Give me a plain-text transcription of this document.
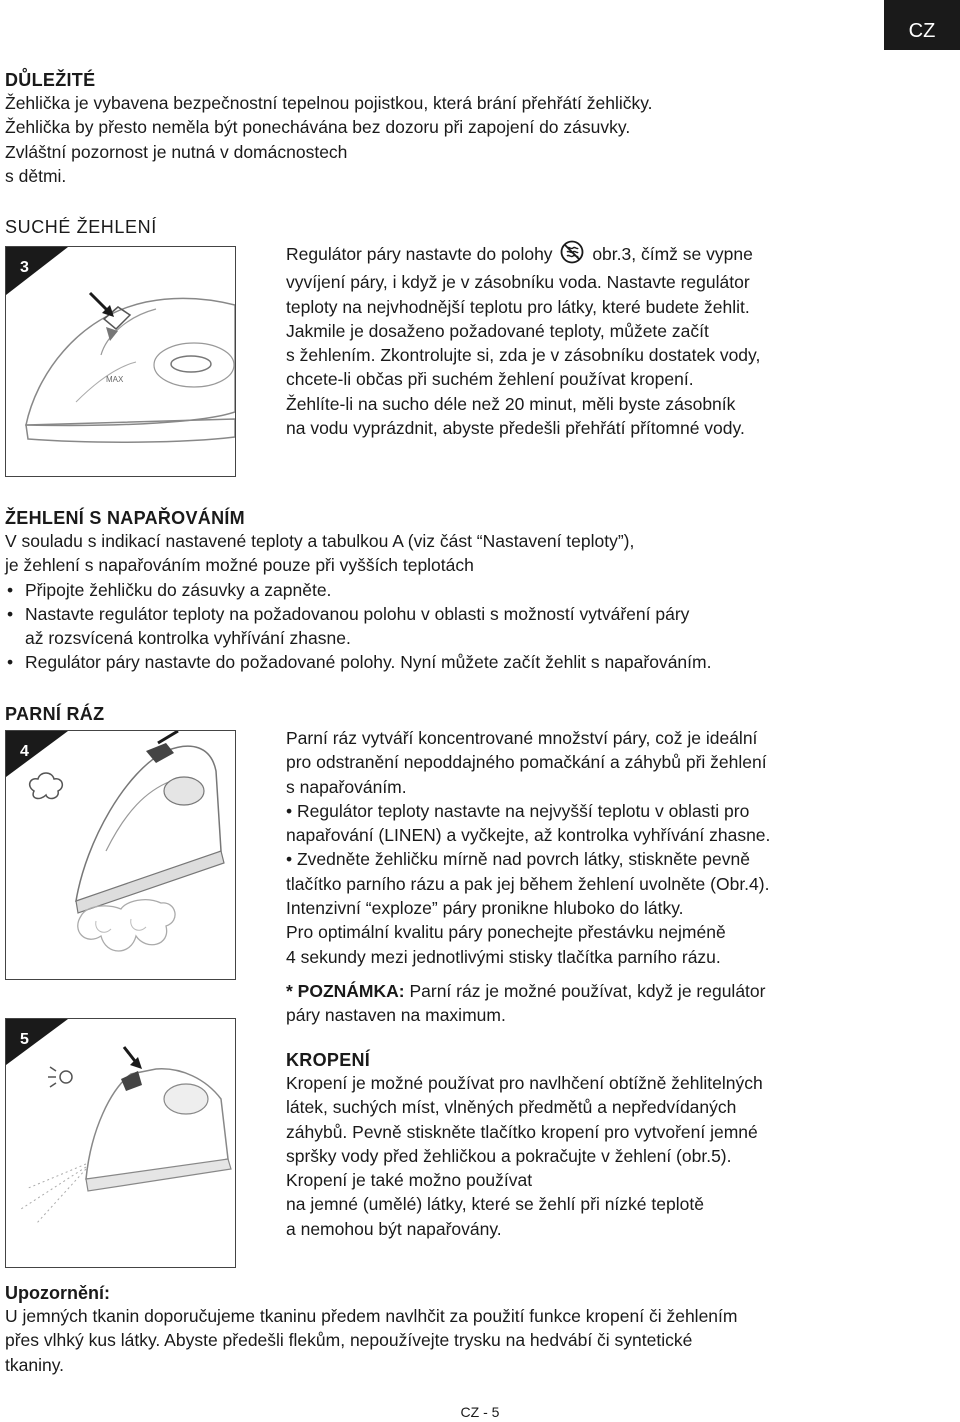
CZ

DŮLEŽITÉ

Žehlička je vybavena bezpečnostní tepelnou pojistkou, která brání přehřátí žehličky.

Žehlička by přesto neměla být ponechávána bez dozoru při zapojení do zásuvky.

Zvláštní pozornost je nutná v domácnostech

s dětmi.

SUCHÉ ŽEHLENÍ

MAX
3

Regulátor páry nastavte do polohy obr.3, čímž se vypne

vyvíjení páry, i když je v zásobníku voda. Nastavte regulátor

teploty na nejvhodnější teplotu pro látky, které budete žehlit.

Jakmile je dosaženo požadované teploty, můžete začít

s žehlením. Zkontrolujte si, zda je v zásobníku dostatek vody,

chcete-li občas při suchém žehlení používat kropení.

Žehlíte-li na sucho déle než 20 minut, měli byste zásobník

na vodu vyprázdnit, abyste předešli přehřátí přítomné vody.

ŽEHLENÍ S NAPAŘOVÁNÍM

V souladu s indikací nastavené teploty a tabulkou A (viz část “Nastavení teploty”),

je žehlení s napařováním možné pouze při vyšších teplotách

• Připojte žehličku do zásuvky a zapněte.
• Nastavte regulátor teploty na požadovanou polohu v oblasti s možností vytváření páry
až rozsvícená kontrolka vyhřívání zhasne.
• Regulátor páry nastavte do požadované polohy. Nyní můžete začít žehlit s napařováním.

PARNÍ RÁZ

4

Parní ráz vytváří koncentrované množství páry, což je ideální

pro odstranění nepoddajného pomačkání a záhybů při žehlení

s napařováním.

• Regulátor teploty nastavte na nejvyšší teplotu v oblasti pro

napařování (LINEN) a vyčkejte, až kontrolka vyhřívání zhasne.

• Zvedněte žehličku mírně nad povrch látky, stiskněte pevně

tlačítko parního rázu a pak jej během žehlení uvolněte (Obr.4).

Intenzivní “exploze” páry pronikne hluboko do látky.

Pro optimální kvalitu páry ponechejte přestávku nejméně

4 sekundy mezi jednotlivými stisky tlačítka parního rázu.

* POZNÁMKA: Parní ráz je možné používat, když je regulátor

páry nastaven na maximum.

5

KROPENÍ

Kropení je možné používat pro navlhčení obtížně žehlitelných

látek, suchých míst, vlněných předmětů a nepředvídaných

záhybů. Pevně stiskněte tlačítko kropení pro vytvoření jemné

spršky vody před žehličkou a pokračujte v žehlení (obr.5).

Kropení je také možno používat

na jemné (umělé) látky, které se žehlí při nízké teplotě

a nemohou být napařovány.

Upozornění:

U jemných tkanin doporučujeme tkaninu předem navlhčit za použití funkce kropení či žehlením

přes vlhký kus látky. Abyste předešli flekům, nepoužívejte trysku na hedvábí či syntetické

tkaniny.

CZ - 5
